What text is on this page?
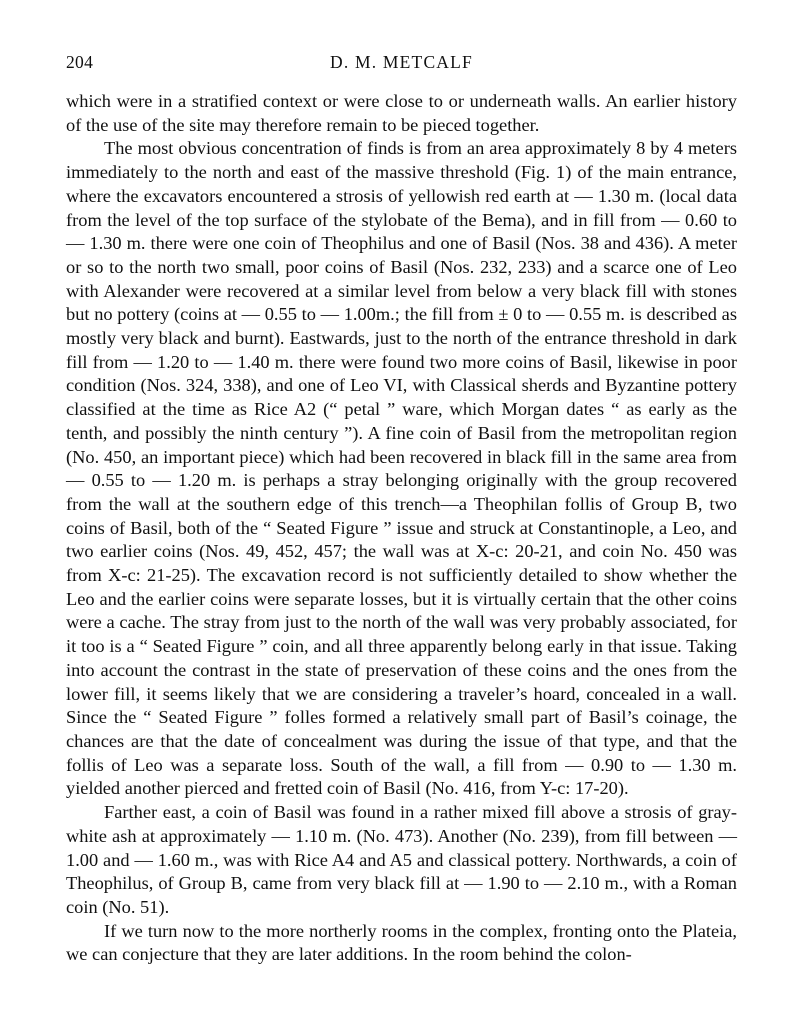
204	D. M. METCALF

which were in a stratified context or were close to or underneath walls. An earlier history of the use of the site may therefore remain to be pieced together.

The most obvious concentration of finds is from an area approximately 8 by 4 meters immediately to the north and east of the massive threshold (Fig. 1) of the main entrance, where the excavators encountered a strosis of yellowish red earth at — 1.30 m. (local data from the level of the top surface of the stylobate of the Bema), and in fill from — 0.60 to — 1.30 m. there were one coin of Theophilus and one of Basil (Nos. 38 and 436). A meter or so to the north two small, poor coins of Basil (Nos. 232, 233) and a scarce one of Leo with Alexander were recovered at a similar level from below a very black fill with stones but no pottery (coins at — 0.55 to — 1.00m.; the fill from ± 0 to — 0.55 m. is described as mostly very black and burnt). Eastwards, just to the north of the entrance threshold in dark fill from — 1.20 to — 1.40 m. there were found two more coins of Basil, likewise in poor condition (Nos. 324, 338), and one of Leo VI, with Classical sherds and Byzantine pottery classified at the time as Rice A2 (“ petal ” ware, which Morgan dates “ as early as the tenth, and possibly the ninth century ”). A fine coin of Basil from the metropolitan region (No. 450, an important piece) which had been recovered in black fill in the same area from — 0.55 to — 1.20 m. is perhaps a stray belonging originally with the group recovered from the wall at the southern edge of this trench—a Theophilan follis of Group B, two coins of Basil, both of the “ Seated Figure ” issue and struck at Constantinople, a Leo, and two earlier coins (Nos. 49, 452, 457; the wall was at X-c: 20-21, and coin No. 450 was from X-c: 21-25). The excavation record is not sufficiently detailed to show whether the Leo and the earlier coins were separate losses, but it is virtually certain that the other coins were a cache. The stray from just to the north of the wall was very probably associated, for it too is a “ Seated Figure ” coin, and all three apparently belong early in that issue. Taking into account the contrast in the state of preservation of these coins and the ones from the lower fill, it seems likely that we are considering a traveler’s hoard, concealed in a wall. Since the “ Seated Figure ” folles formed a relatively small part of Basil’s coinage, the chances are that the date of concealment was during the issue of that type, and that the follis of Leo was a separate loss. South of the wall, a fill from — 0.90 to — 1.30 m. yielded another pierced and fretted coin of Basil (No. 416, from Y-c: 17-20).

Farther east, a coin of Basil was found in a rather mixed fill above a strosis of gray-white ash at approximately — 1.10 m. (No. 473). Another (No. 239), from fill between — 1.00 and — 1.60 m., was with Rice A4 and A5 and classical pottery. Northwards, a coin of Theophilus, of Group B, came from very black fill at — 1.90 to — 2.10 m., with a Roman coin (No. 51).

If we turn now to the more northerly rooms in the complex, fronting onto the Plateia, we can conjecture that they are later additions. In the room behind the colon-
